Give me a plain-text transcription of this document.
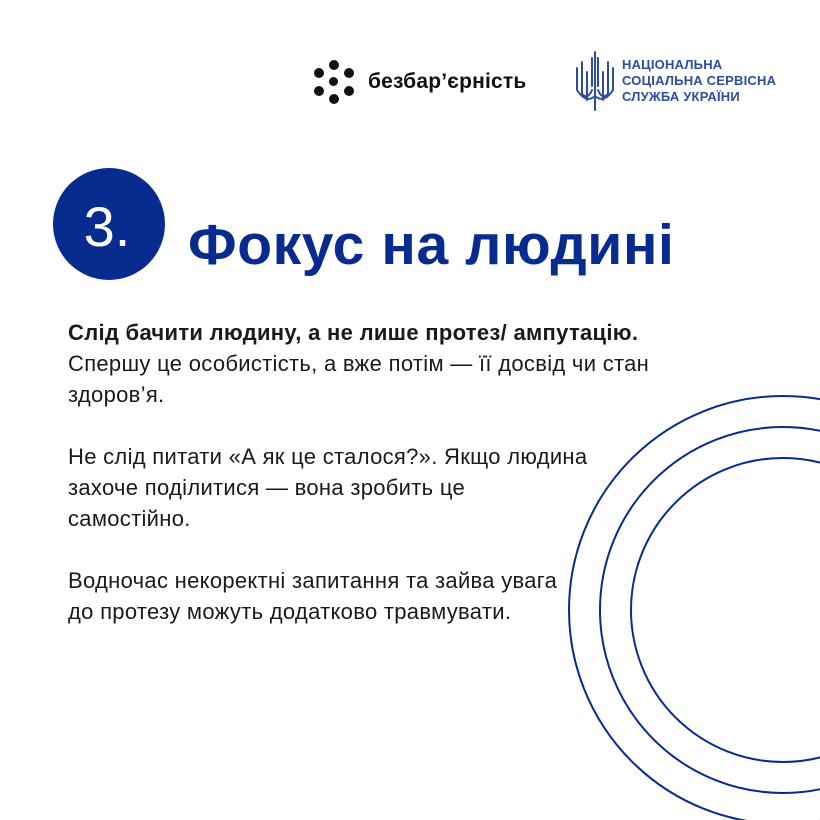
безбар’єрність
НАЦІОНАЛЬНА
СОЦІАЛЬНА СЕРВІСНА
СЛУЖБА УКРАЇНИ
3. Фокус на людині

Слід бачити людину, а не лише протез/ ампутацію.  Спершу це особистість, а вже потім — її досвід чи стан здоров’я.

Не слід питати «А як це сталося?». Якщо людина захоче поділитися — вона зробить це самостійно.

Водночас некоректні запитання та зайва увага до протезу можуть додатково травмувати.
